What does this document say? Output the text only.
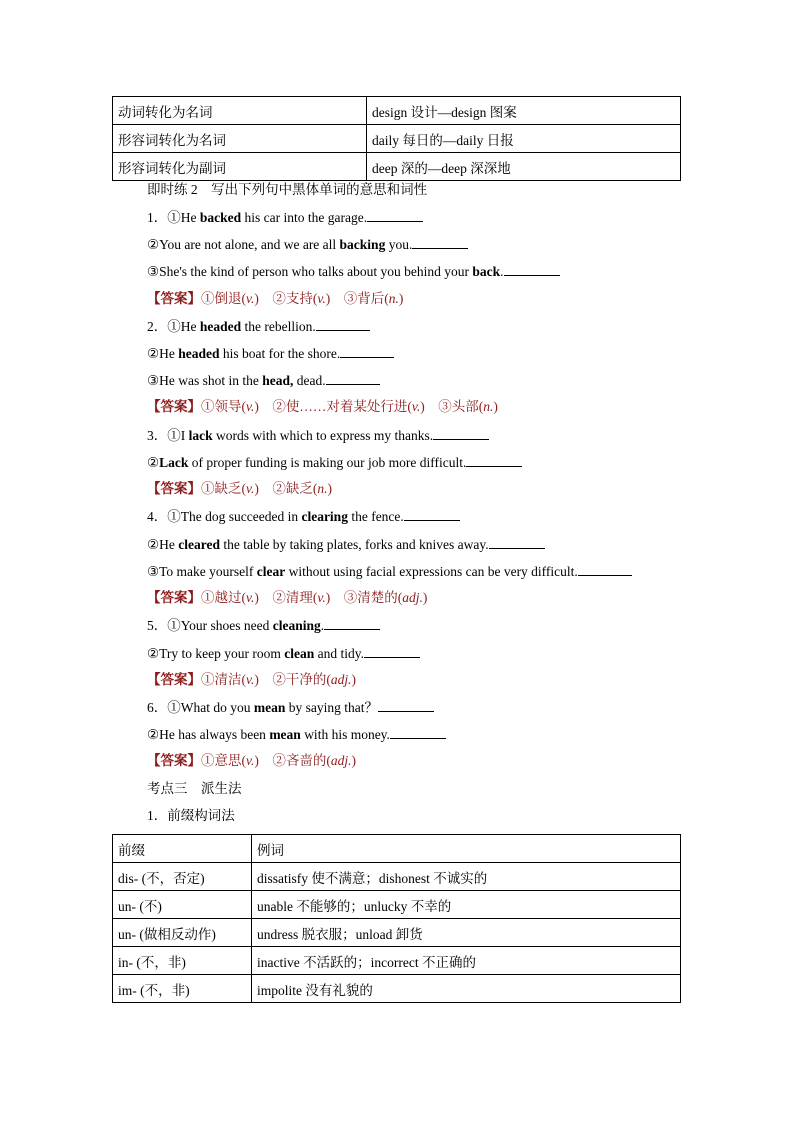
动词转化为名词	design 设计—design 图案
形容词转化为名词	daily 每日的—daily 日报
形容词转化为副词	deep 深的—deep 深深地
即时练 2　写出下列句中黑体单词的意思和词性
1．①He backed his car into the garage.
②You are not alone, and we are all backing you.
③She's the kind of person who talks about you behind your back.
【答案】①倒退(v.)　②支持(v.)　③背后(n.)
2．①He headed the rebellion.
②He headed his boat for the shore.
③He was shot in the head, dead.
【答案】①领导(v.)　②使……对着某处行进(v.)　③头部(n.)
3．①I lack words with which to express my thanks.
②Lack of proper funding is making our job more difficult.
【答案】①缺乏(v.)　②缺乏(n.)
4．①The dog succeeded in clearing the fence.
②He cleared the table by taking plates, forks and knives away.
③To make yourself clear without using facial expressions can be very difficult.
【答案】①越过(v.)　②清理(v.)　③清楚的(adj.)
5．①Your shoes need cleaning.
②Try to keep your room clean and tidy.
【答案】①清洁(v.)　②干净的(adj.)
6．①What do you mean by saying that？
②He has always been mean with his money.
【答案】①意思(v.)　②吝啬的(adj.)
考点三　派生法
1．前缀构词法
前缀	例词
dis- (不，否定)	dissatisfy 使不满意；dishonest 不诚实的
un- (不)	unable 不能够的；unlucky 不幸的
un- (做相反动作)	undress 脱衣服；unload 卸货
in- (不，非)	inactive 不活跃的；incorrect 不正确的
im- (不，非)	impolite 没有礼貌的
